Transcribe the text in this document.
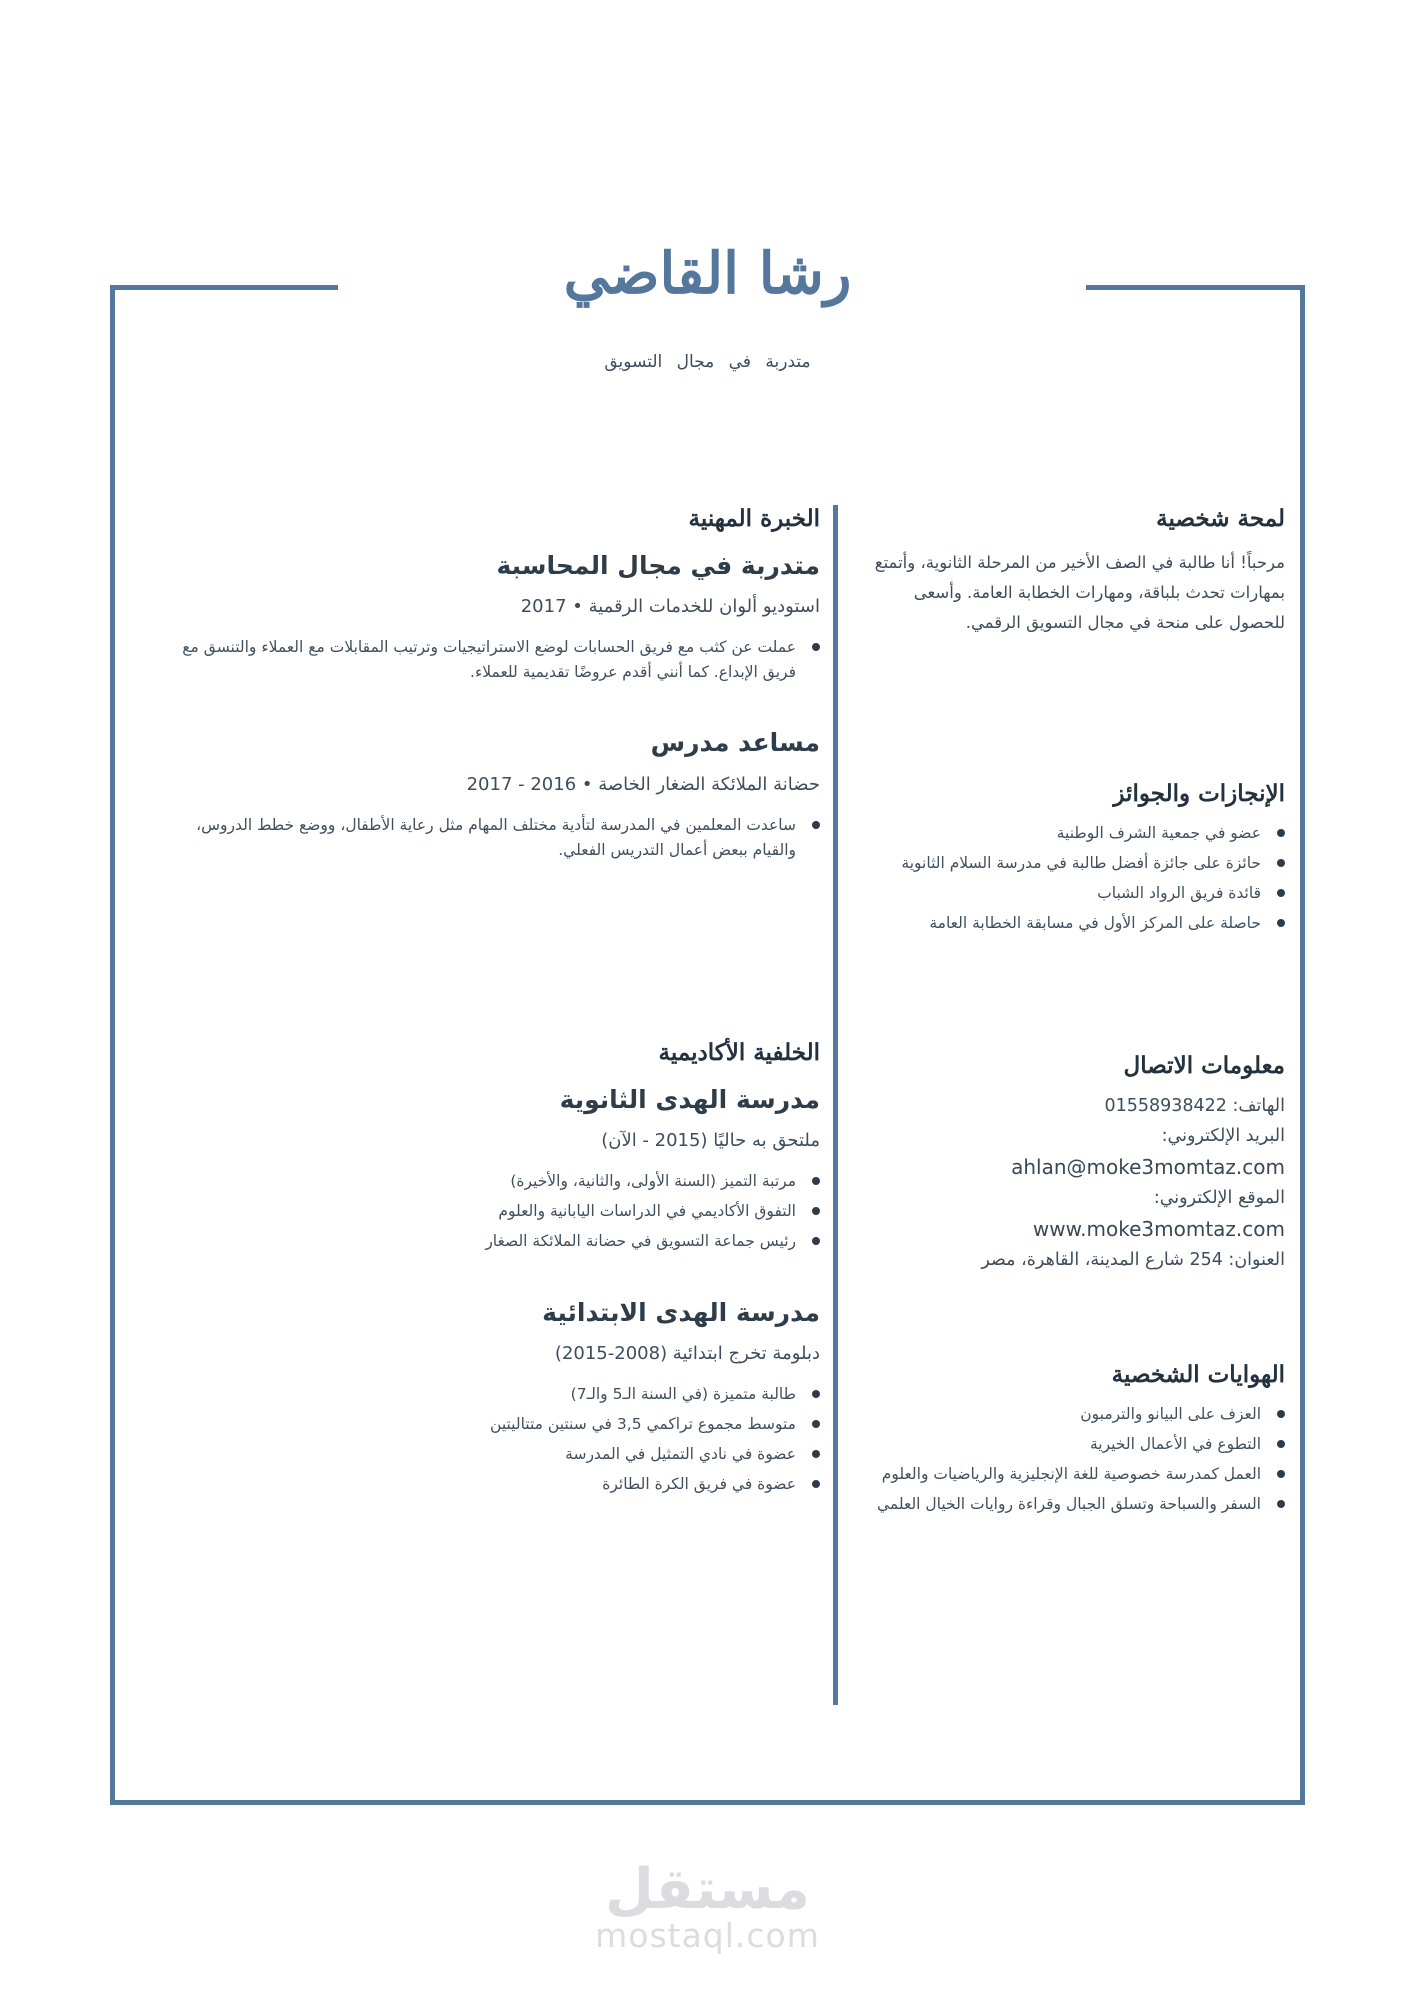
رشا القاضي
متدربة في مجال التسويق
لمحة شخصية

مرحباً! أنا طالبة في الصف الأخير من المرحلة الثانوية، وأتمتع بمهارات تحدث بلباقة، ومهارات الخطابة العامة. وأسعى للحصول على منحة في مجال التسويق الرقمي.

الإنجازات والجوائز
عضو في جمعية الشرف الوطنية
حائزة على جائزة أفضل طالبة في مدرسة السلام الثانوية
قائدة فريق الرواد الشباب
حاصلة على المركز الأول في مسابقة الخطابة العامة
معلومات الاتصال
الهاتف: 01558938422
البريد الإلكتروني:
ahlan@moke3momtaz.com
الموقع الإلكتروني:
www.moke3momtaz.com
العنوان: 254 شارع المدينة، القاهرة، مصر
الهوايات الشخصية
العزف على البيانو والترمبون
التطوع في الأعمال الخيرية
العمل كمدرسة خصوصية للغة الإنجليزية والرياضيات والعلوم
السفر والسباحة وتسلق الجبال وقراءة روايات الخيال العلمي
الخبرة المهنية
متدربة في مجال المحاسبة
استوديو ألوان للخدمات الرقمية • 2017
عملت عن كثب مع فريق الحسابات لوضع الاستراتيجيات وترتيب المقابلات مع العملاء والتنسق مع فريق الإبداع. كما أنني أقدم عروضًا تقديمية للعملاء.
مساعد مدرس
حضانة الملائكة الضغار الخاصة • 2016 - 2017
ساعدت المعلمين في المدرسة لتأدية مختلف المهام مثل رعاية الأطفال، ووضع خطط الدروس، والقيام ببعض أعمال التدريس الفعلي.
الخلفية الأكاديمية
مدرسة الهدى الثانوية
ملتحق به حاليًا (2015 - الآن)
مرتبة التميز (السنة الأولى، والثانية، والأخيرة)
التفوق الأكاديمي في الدراسات اليابانية والعلوم
رئيس جماعة التسويق في حضانة الملائكة الصغار
مدرسة الهدى الابتدائية
دبلومة تخرج ابتدائية (2008-2015)
طالبة متميزة (في السنة الـ5 والـ7)
متوسط مجموع تراكمي 3,5 في سنتين متتاليتين
عضوة في نادي التمثيل في المدرسة
عضوة في فريق الكرة الطائرة
مستقل
mostaql.com
